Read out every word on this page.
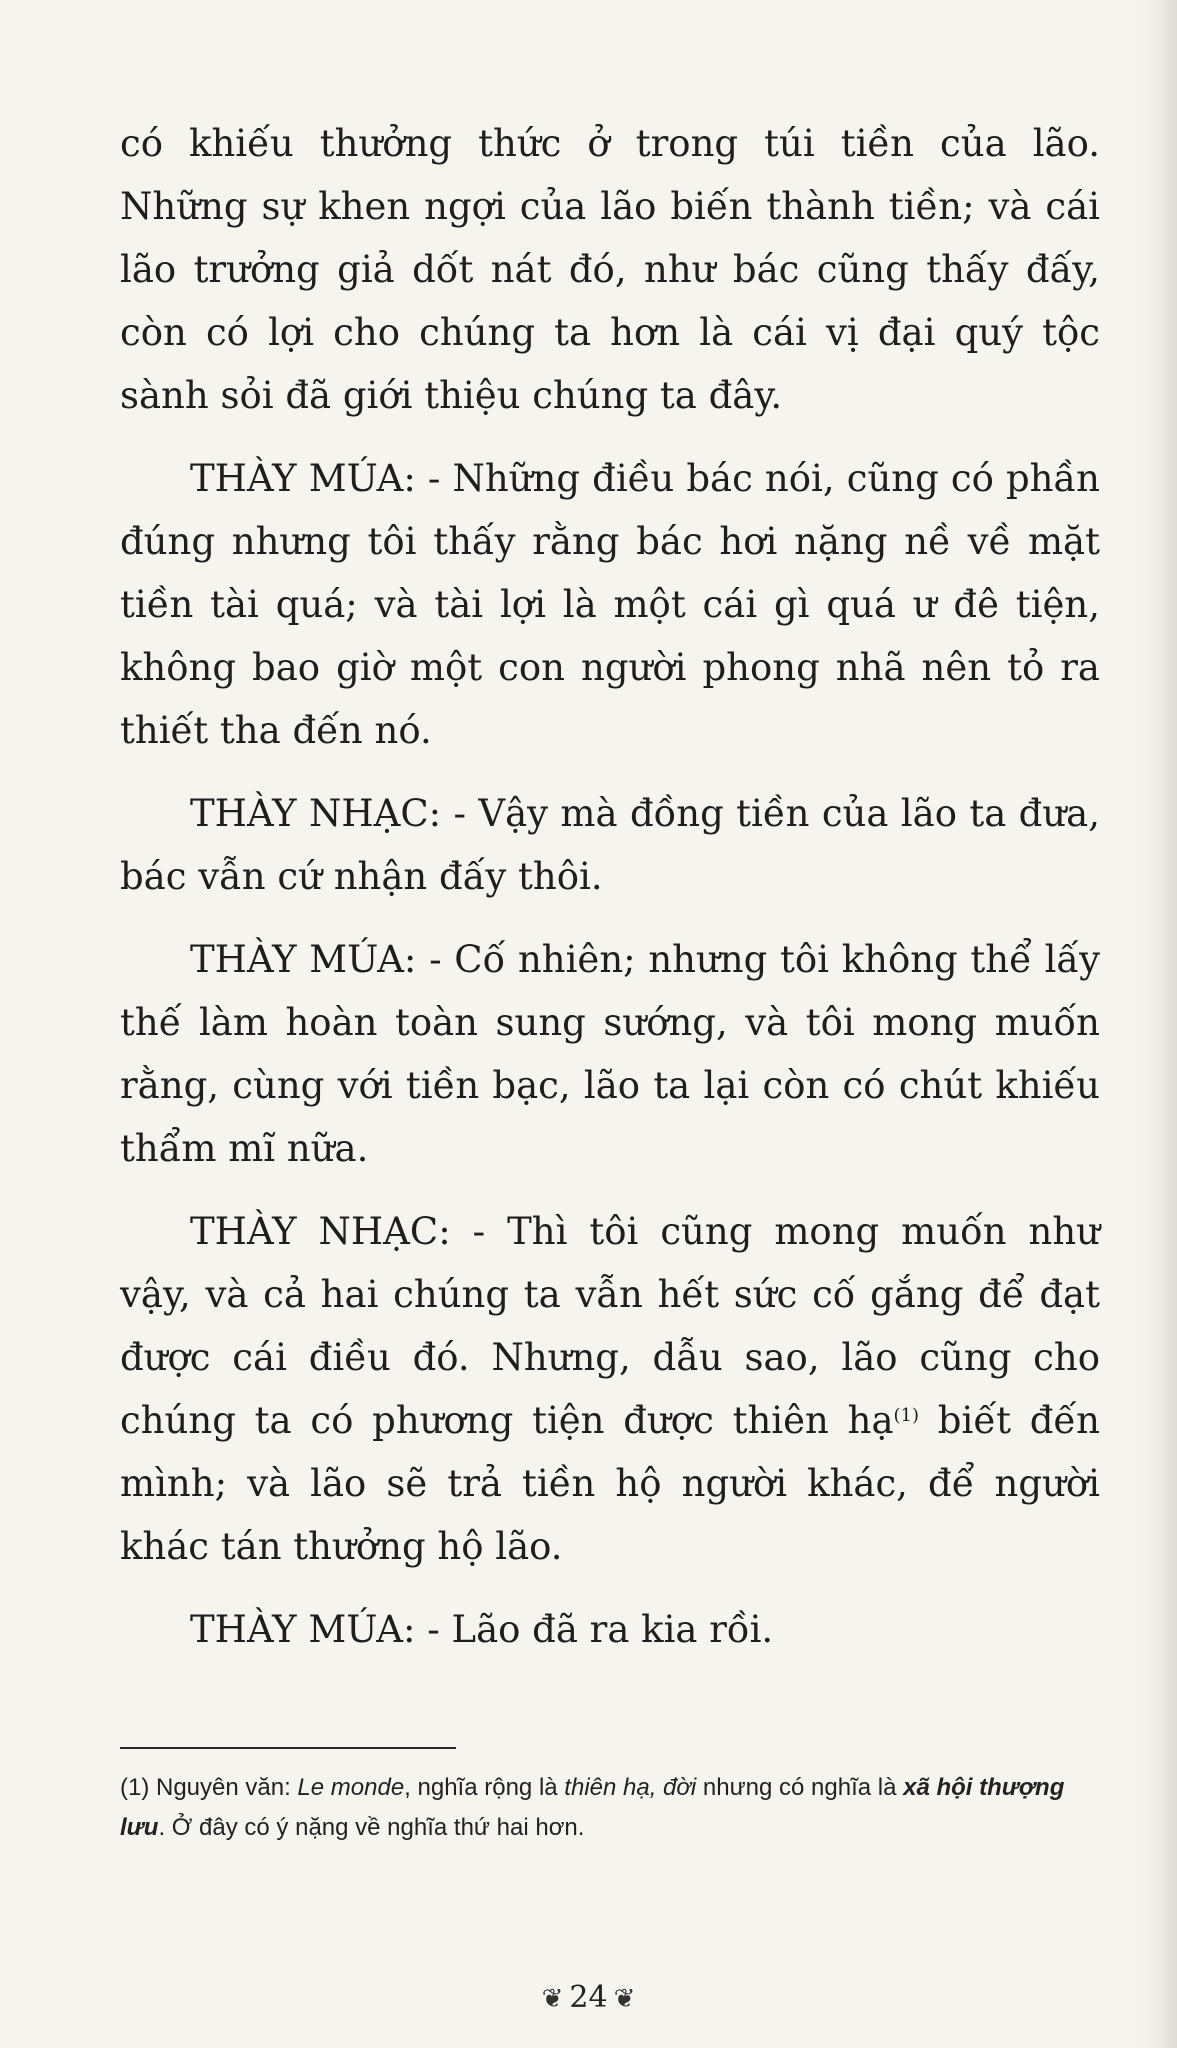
có khiếu thưởng thức ở trong túi tiền của lão. Những sự khen ngợi của lão biến thành tiền; và cái lão trưởng giả dốt nát đó, như bác cũng thấy đấy, còn có lợi cho chúng ta hơn là cái vị đại quý tộc sành sỏi đã giới thiệu chúng ta đây.

THÀY MÚA: - Những điều bác nói, cũng có phần đúng nhưng tôi thấy rằng bác hơi nặng nề về mặt tiền tài quá; và tài lợi là một cái gì quá ư đê tiện, không bao giờ một con người phong nhã nên tỏ ra thiết tha đến nó.

THÀY NHẠC: - Vậy mà đồng tiền của lão ta đưa, bác vẫn cứ nhận đấy thôi.

THÀY MÚA: - Cố nhiên; nhưng tôi không thể lấy thế làm hoàn toàn sung sướng, và tôi mong muốn rằng, cùng với tiền bạc, lão ta lại còn có chút khiếu thẩm mĩ nữa.

THÀY NHẠC: - Thì tôi cũng mong muốn như vậy, và cả hai chúng ta vẫn hết sức cố gắng để đạt được cái điều đó. Nhưng, dẫu sao, lão cũng cho chúng ta có phương tiện được thiên hạ$^{(1)}$ biết đến mình; và lão sẽ trả tiền hộ người khác, để người khác tán thưởng hộ lão.

THÀY MÚA: - Lão đã ra kia rồi.

(1) Nguyên văn: Le monde, nghĩa rộng là thiên hạ, đời nhưng có nghĩa là xã hội thượng lưu. Ở đây có ý nặng về nghĩa thứ hai hơn.
❦ 24 ❦
